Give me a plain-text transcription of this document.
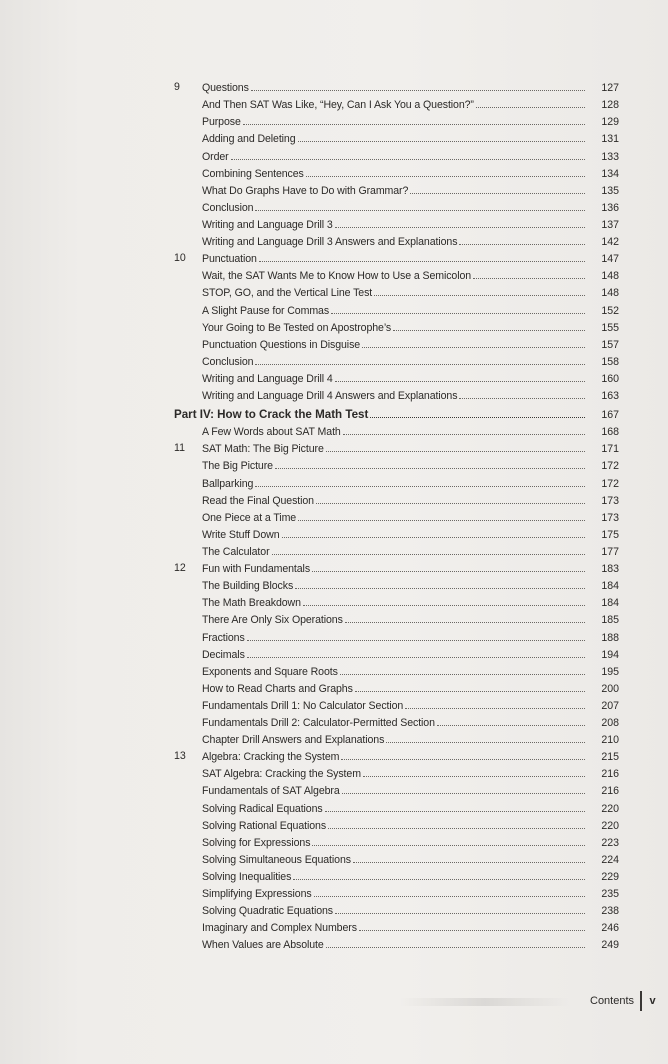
9	Questions	127
And Then SAT Was Like, “Hey, Can I Ask You a Question?”	128
Purpose	129
Adding and Deleting	131
Order	133
Combining Sentences	134
What Do Graphs Have to Do with Grammar?	135
Conclusion	136
Writing and Language Drill 3	137
Writing and Language Drill 3 Answers and Explanations	142
10	Punctuation	147
Wait, the SAT Wants Me to Know How to Use a Semicolon	148
STOP, GO, and the Vertical Line Test	148
A Slight Pause for Commas	152
Your Going to Be Tested on Apostrophe’s	155
Punctuation Questions in Disguise	157
Conclusion	158
Writing and Language Drill 4	160
Writing and Language Drill 4 Answers and Explanations	163
Part IV: How to Crack the Math Test	167
A Few Words about SAT Math	168
11	SAT Math: The Big Picture	171
The Big Picture	172
Ballparking	172
Read the Final Question	173
One Piece at a Time	173
Write Stuff Down	175
The Calculator	177
12	Fun with Fundamentals	183
The Building Blocks	184
The Math Breakdown	184
There Are Only Six Operations	185
Fractions	188
Decimals	194
Exponents and Square Roots	195
How to Read Charts and Graphs	200
Fundamentals Drill 1: No Calculator Section	207
Fundamentals Drill 2: Calculator-Permitted Section	208
Chapter Drill Answers and Explanations	210
13	Algebra: Cracking the System	215
SAT Algebra: Cracking the System	216
Fundamentals of SAT Algebra	216
Solving Radical Equations	220
Solving Rational Equations	220
Solving for Expressions	223
Solving Simultaneous Equations	224
Solving Inequalities	229
Simplifying Expressions	235
Solving Quadratic Equations	238
Imaginary and Complex Numbers	246
When Values are Absolute	249
Contents v
